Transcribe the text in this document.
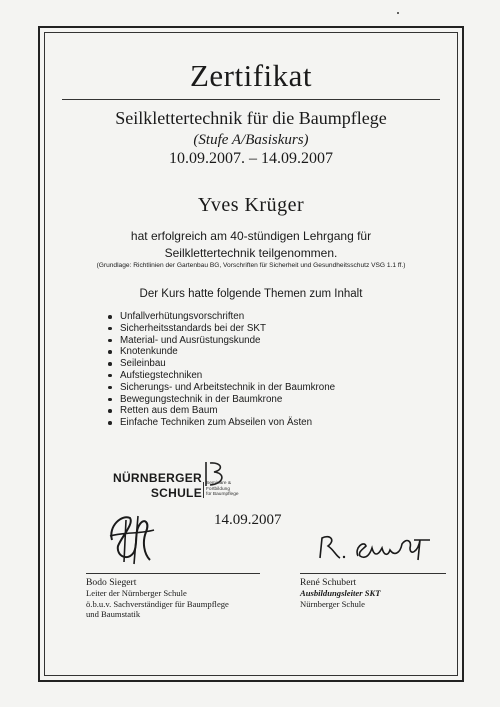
Zertifikat
Seilklettertechnik für die Baumpflege
(Stufe A/Basiskurs)
10.09.2007. – 14.09.2007
Yves Krüger
hat erfolgreich am 40-stündigen Lehrgang für
Seilklettertechnik teilgenommen.
(Grundlage: Richtlinien der Gartenbau BG, Vorschriften für Sicherheit und Gesundheitsschutz VSG 1.1 ff.)
Der Kurs hatte folgende Themen zum Inhalt
Unfallverhütungsvorschriften
Sicherheitsstandards bei der SKT
Material- und Ausrüstungskunde
Knotenkunde
Seileinbau
Aufstiegstechniken
Sicherungs- und Arbeitstechnik in der Baumkrone
Bewegungstechnik in der Baumkrone
Retten aus dem Baum
Einfache Techniken zum Abseilen von Ästen
NÜRNBERGER
SCHULE
Seminare & Fortbildung
für Baumpflege
14.09.2007
Bodo Siegert
Leiter der Nürnberger Schule
ö.b.u.v. Sachverständiger für Baumpflege
und Baumstatik
René Schubert
Ausbildungsleiter SKT
Nürnberger Schule
